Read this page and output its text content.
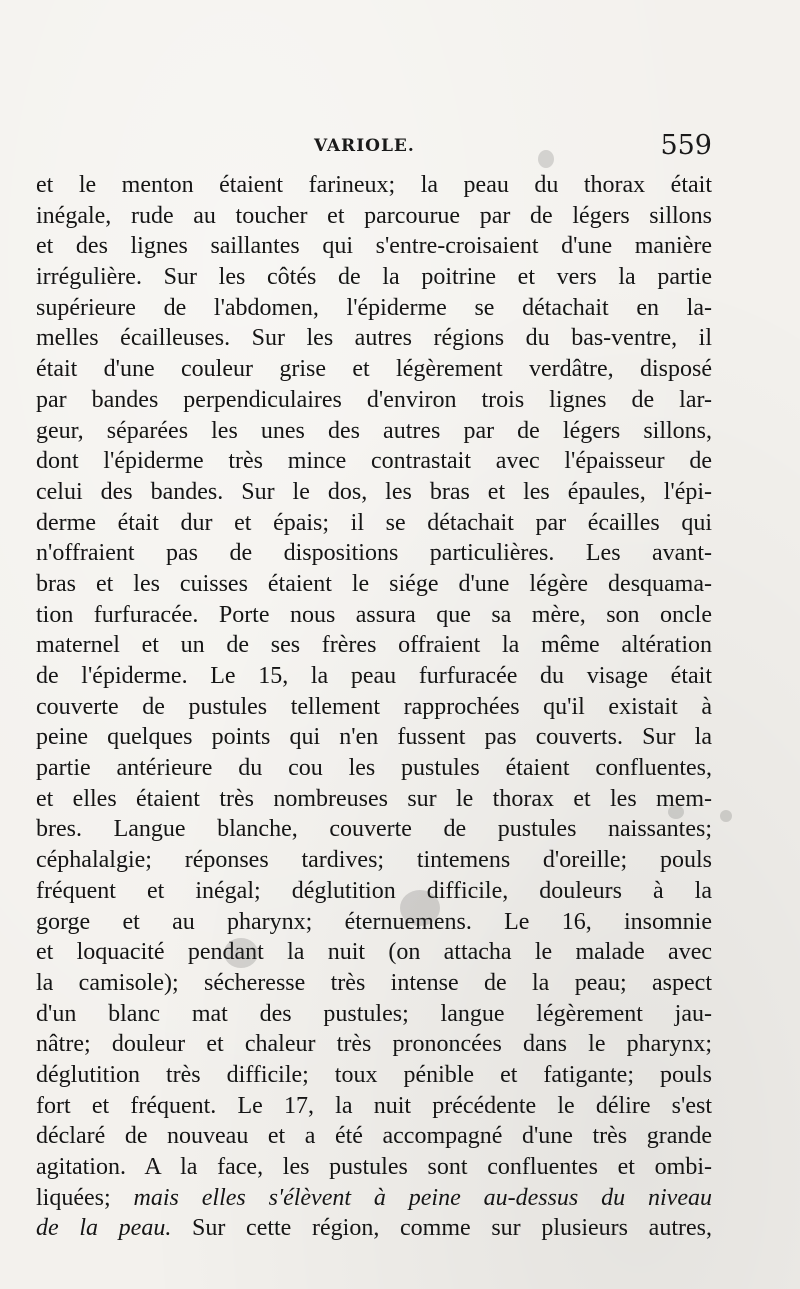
VARIOLE.	559
et le menton étaient farineux; la peau du thorax était
inégale, rude au toucher et parcourue par de légers sillons
et des lignes saillantes qui s'entre-croisaient d'une manière
irrégulière. Sur les côtés de la poitrine et vers la partie
supérieure de l'abdomen, l'épiderme se détachait en la-
melles écailleuses. Sur les autres régions du bas-ventre, il
était d'une couleur grise et légèrement verdâtre, disposé
par bandes perpendiculaires d'environ trois lignes de lar-
geur, séparées les unes des autres par de légers sillons,
dont l'épiderme très mince contrastait avec l'épaisseur de
celui des bandes. Sur le dos, les bras et les épaules, l'épi-
derme était dur et épais; il se détachait par écailles qui
n'offraient pas de dispositions particulières. Les avant-
bras et les cuisses étaient le siége d'une légère desquama-
tion furfuracée. Porte nous assura que sa mère, son oncle
maternel et un de ses frères offraient la même altération
de l'épiderme. Le 15, la peau furfuracée du visage était
couverte de pustules tellement rapprochées qu'il existait à
peine quelques points qui n'en fussent pas couverts. Sur la
partie antérieure du cou les pustules étaient confluentes,
et elles étaient très nombreuses sur le thorax et les mem-
bres. Langue blanche, couverte de pustules naissantes;
céphalalgie; réponses tardives; tintemens d'oreille; pouls
fréquent et inégal; déglutition difficile, douleurs à la
gorge et au pharynx; éternuemens. Le 16, insomnie
et loquacité pendant la nuit (on attacha le malade avec
la camisole); sécheresse très intense de la peau; aspect
d'un blanc mat des pustules; langue légèrement jau-
nâtre; douleur et chaleur très prononcées dans le pharynx;
déglutition très difficile; toux pénible et fatigante; pouls
fort et fréquent. Le 17, la nuit précédente le délire s'est
déclaré de nouveau et a été accompagné d'une très grande
agitation. A la face, les pustules sont confluentes et ombi-
liquées; mais elles s'élèvent à peine au-dessus du niveau
de la peau. Sur cette région, comme sur plusieurs autres,
